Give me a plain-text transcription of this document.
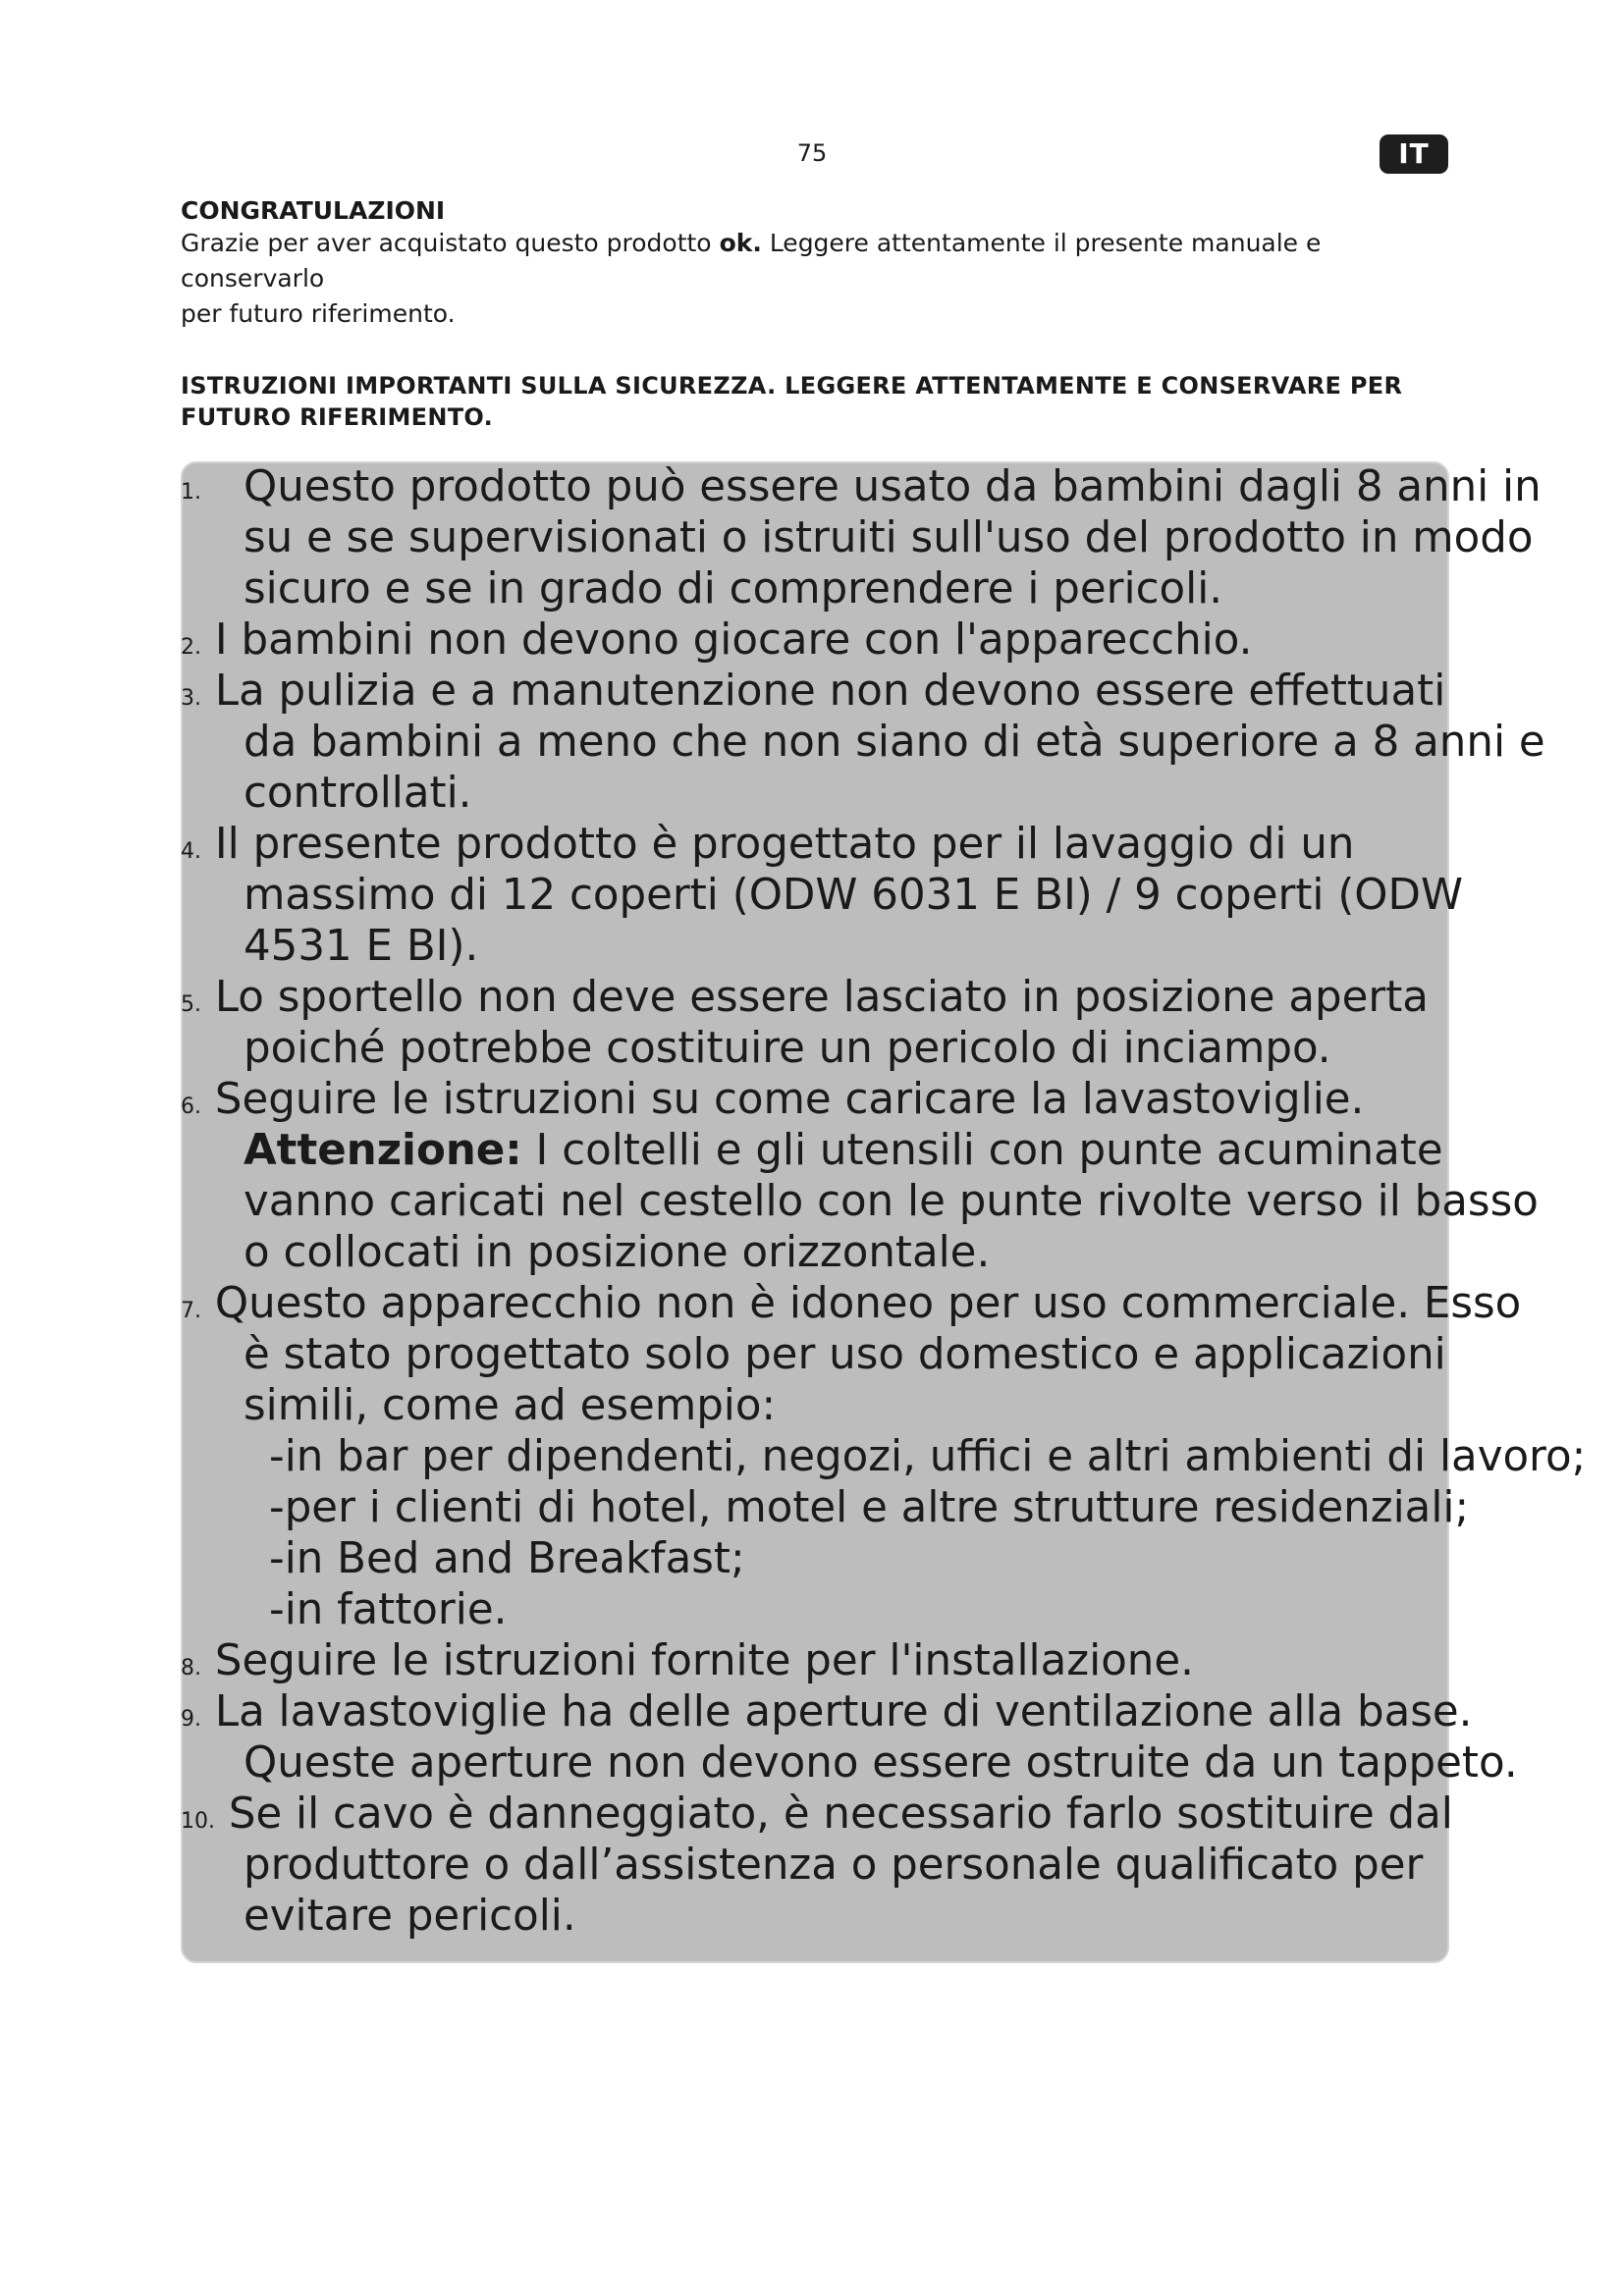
75	IT
CONGRATULAZIONI
Grazie per aver acquistato questo prodotto ok. Leggere attentamente il presente manuale e conservarlo
per futuro riferimento.
ISTRUZIONI IMPORTANTI SULLA SICUREZZA. LEGGERE ATTENTAMENTE E CONSERVARE PER
FUTURO RIFERIMENTO.
1. Questo prodotto può essere usato da bambini dagli 8 anni in
su e se supervisionati o istruiti sull'uso del prodotto in modo
sicuro e se in grado di comprendere i pericoli.
2. I bambini non devono giocare con l'apparecchio.
3. La pulizia e a manutenzione non devono essere effettuati
da bambini a meno che non siano di età superiore a 8 anni e
controllati.
4. Il presente prodotto è progettato per il lavaggio di un
massimo di 12 coperti (ODW 6031 E BI) / 9 coperti (ODW
4531 E BI).
5. Lo sportello non deve essere lasciato in posizione aperta
poiché potrebbe costituire un pericolo di inciampo.
6. Seguire le istruzioni su come caricare la lavastoviglie.
Attenzione: I coltelli e gli utensili con punte acuminate
vanno caricati nel cestello con le punte rivolte verso il basso
o collocati in posizione orizzontale.
7. Questo apparecchio non è idoneo per uso commerciale. Esso
è stato progettato solo per uso domestico e applicazioni
simili, come ad esempio:
-in bar per dipendenti, negozi, uffici e altri ambienti di lavoro;
-per i clienti di hotel, motel e altre strutture residenziali;
-in Bed and Breakfast;
-in fattorie.
8. Seguire le istruzioni fornite per l'installazione.
9. La lavastoviglie ha delle aperture di ventilazione alla base.
Queste aperture non devono essere ostruite da un tappeto.
10. Se il cavo è danneggiato, è necessario farlo sostituire dal
produttore o dall’assistenza o personale qualificato per
evitare pericoli.
